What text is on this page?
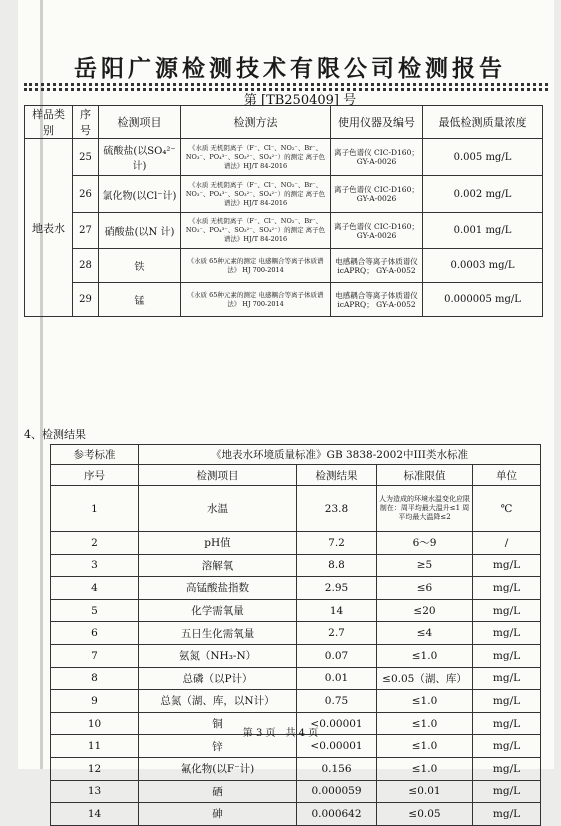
岳阳广源检测技术有限公司检测报告
第 [TB250409] 号
样品类别	序号	检测项目	检测方法	使用仪器及编号	最低检测质量浓度
地表水	25	硫酸盐(以SO₄²⁻计)	《水质 无机阴离子（F⁻、Cl⁻、NO₂⁻、Br⁻、NO₃⁻、PO₄³⁻、SO₃²⁻、SO₄²⁻）的测定 离子色谱法》HJ/T 84-2016	离子色谱仪 CIC-D160； GY-A-0026	0.005 mg/L
	26	氯化物(以Cl⁻计)	《水质 无机阴离子（F⁻、Cl⁻、NO₂⁻、Br⁻、NO₃⁻、PO₄³⁻、SO₃²⁻、SO₄²⁻）的测定 离子色谱法》HJ/T 84-2016	离子色谱仪 CIC-D160； GY-A-0026	0.002 mg/L
	27	硝酸盐(以N 计)	《水质 无机阴离子（F⁻、Cl⁻、NO₂⁻、Br⁻、NO₃⁻、PO₄³⁻、SO₃²⁻、SO₄²⁻）的测定 离子色谱法》HJ/T 84-2016	离子色谱仪 CIC-D160； GY-A-0026	0.001 mg/L
	28	铁	《水质 65种元素的测定 电感耦合等离子体质谱法》 HJ 700-2014	电感耦合等离子体质谱仪icAPRQ； GY-A-0052	0.0003 mg/L
	29	锰	《水质 65种元素的测定 电感耦合等离子体质谱法》 HJ 700-2014	电感耦合等离子体质谱仪icAPRQ； GY-A-0052	0.000005 mg/L
4、检测结果
参考标准	《地表水环境质量标准》GB 3838-2002中III类水标准			
序号	检测项目	检测结果	标准限值	单位
1	水温	23.8	人为造成的环境水温变化应限制在：周平均最大温升≤1 周平均最大温降≤2	℃
2	pH值	7.2	6～9	/
3	溶解氧	8.8	≥5	mg/L
4	高锰酸盐指数	2.95	≤6	mg/L
5	化学需氧量	14	≤20	mg/L
6	五日生化需氧量	2.7	≤4	mg/L
7	氨氮（NH₃-N）	0.07	≤1.0	mg/L
8	总磷（以P计）	0.01	≤0.05（湖、库）	mg/L
9	总氮（湖、库，以N计）	0.75	≤1.0	mg/L
10	铜	<0.00001	≤1.0	mg/L
11	锌	<0.00001	≤1.0	mg/L
12	氟化物(以F⁻计)	0.156	≤1.0	mg/L
13	硒	0.000059	≤0.01	mg/L
14	砷	0.000642	≤0.05	mg/L
第 3 页　共 4 页
